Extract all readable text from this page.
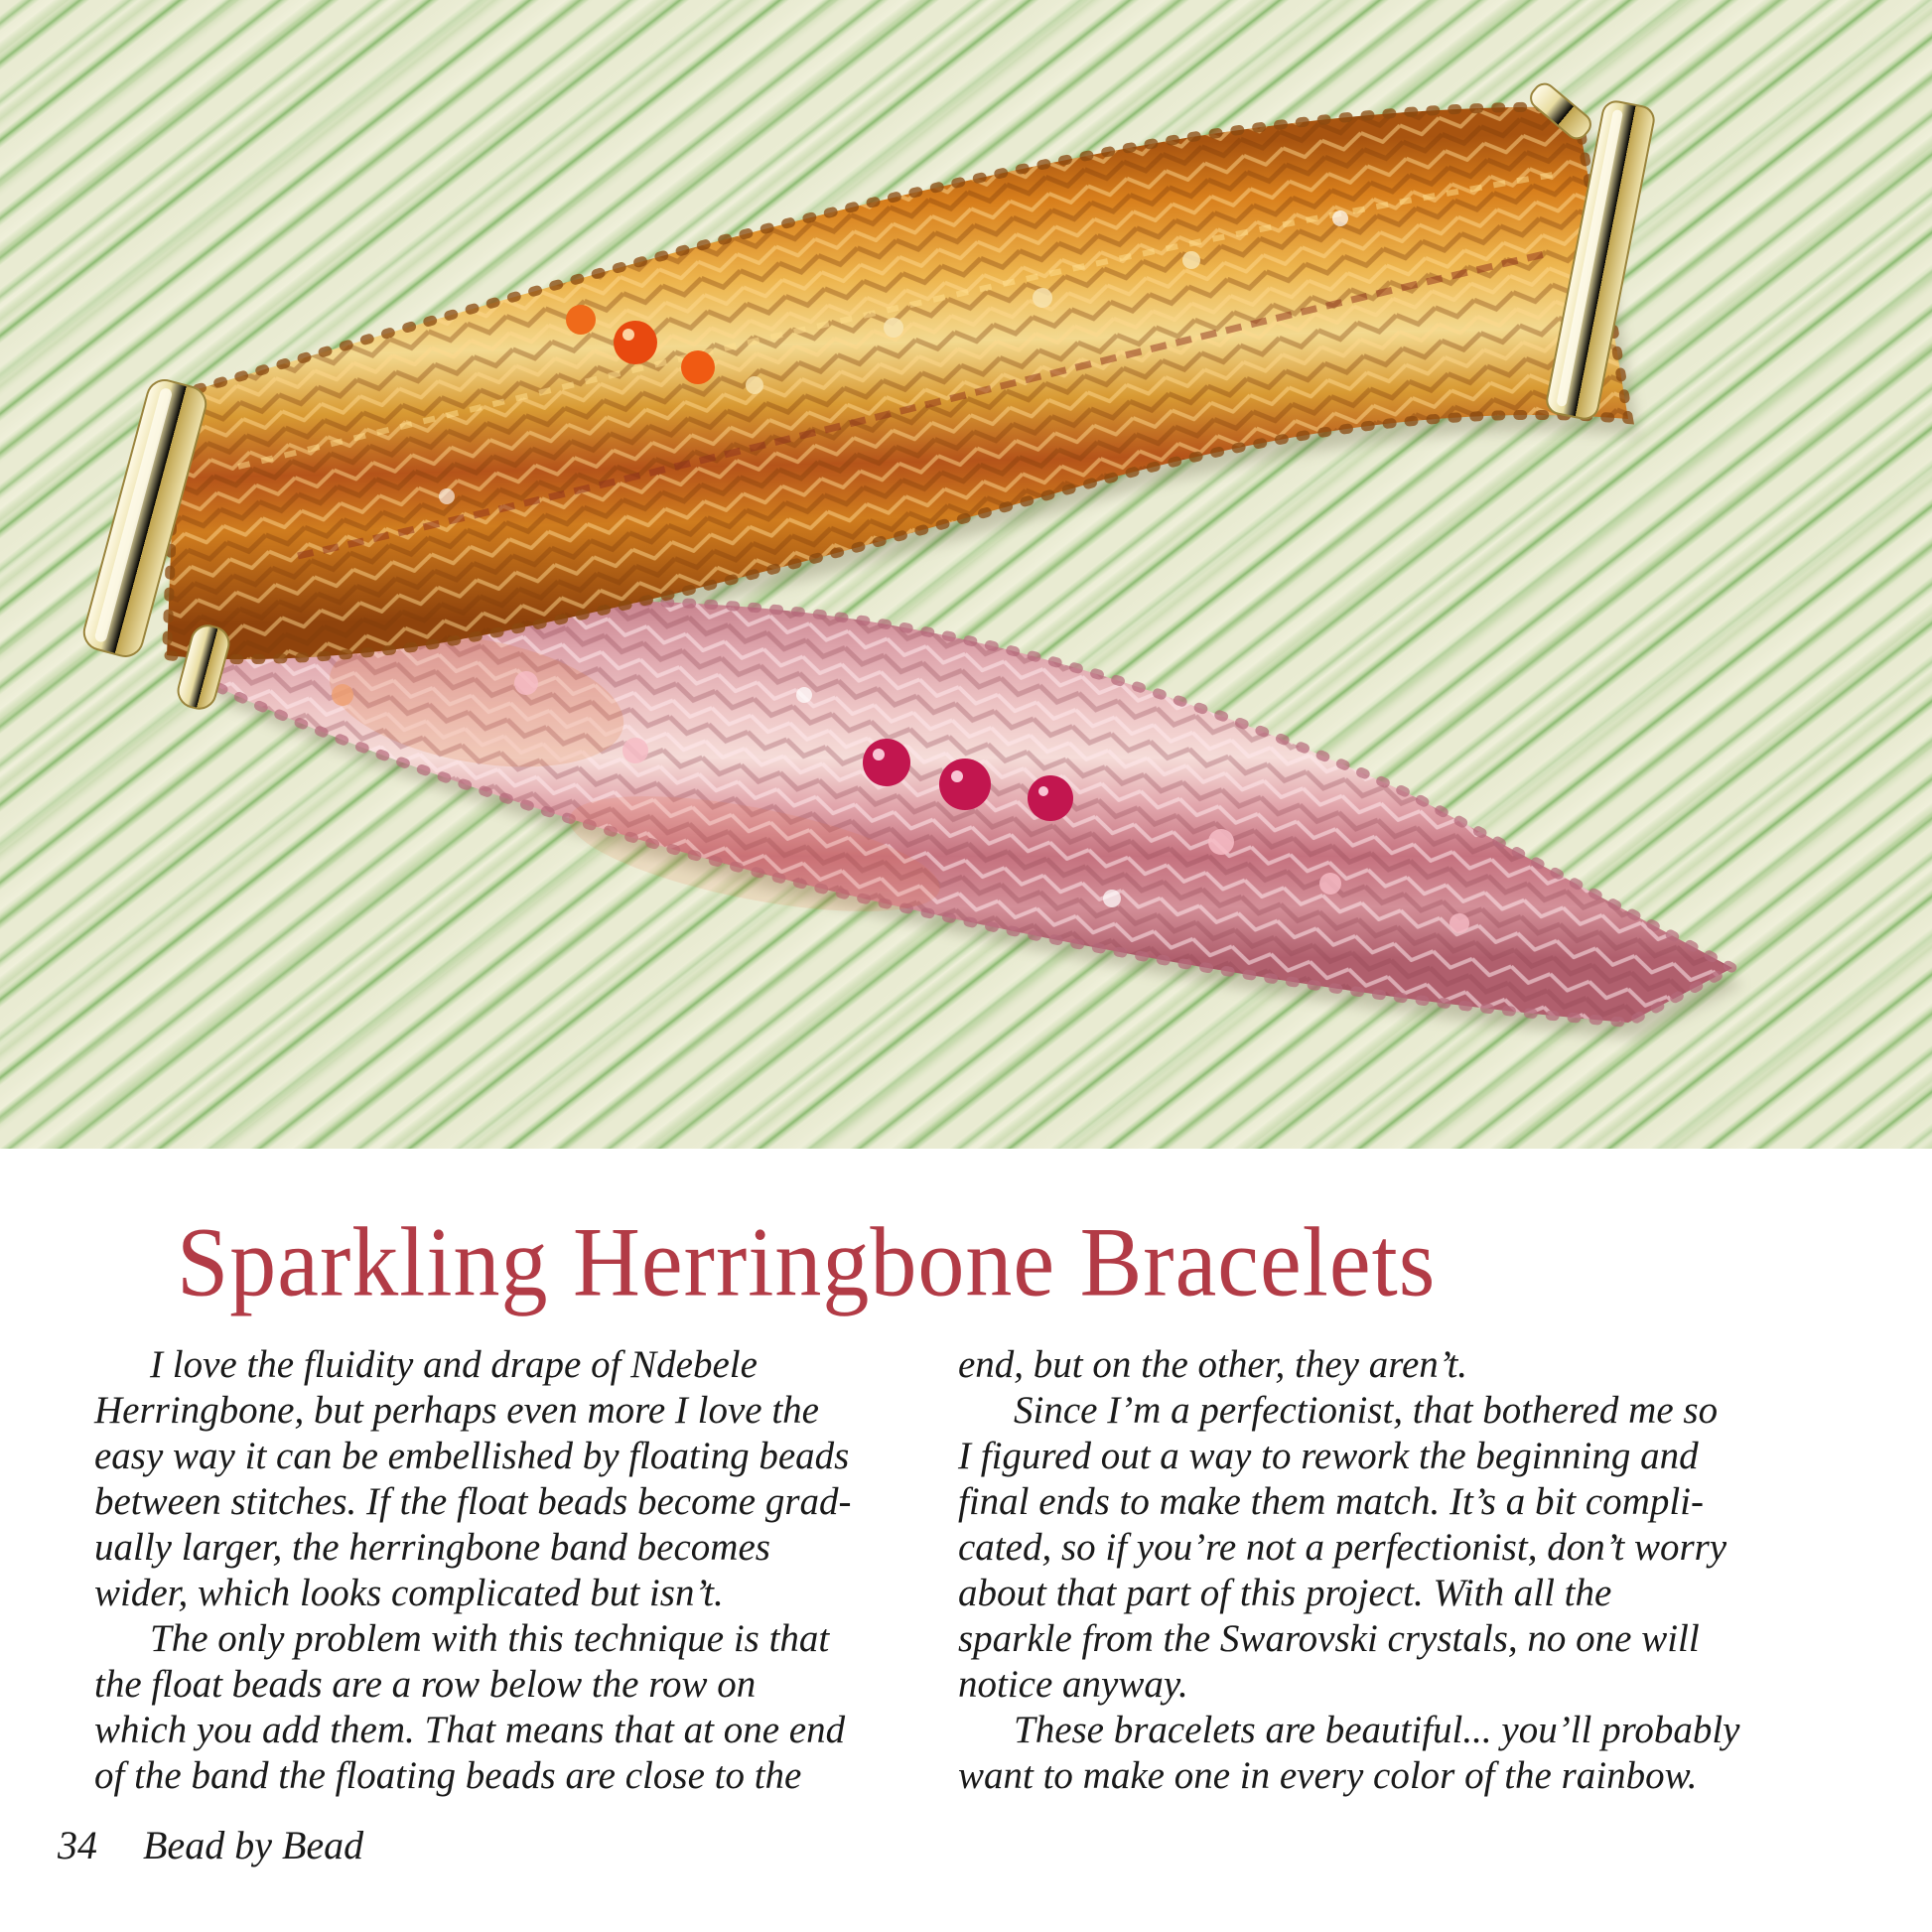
Sparkling Herringbone Bracelets
I love the fluidity and drape of Ndebele
Herringbone, but perhaps even more I love the
easy way it can be embellished by floating beads
between stitches. If the float beads become grad-
ually larger, the herringbone band becomes
wider, which looks complicated but isn’t.
The only problem with this technique is that
the float beads are a row below the row on
which you add them. That means that at one end
of the band the floating beads are close to the
end, but on the other, they aren’t.
Since I’m a perfectionist, that bothered me so
I figured out a way to rework the beginning and
final ends to make them match. It’s a bit compli-
cated, so if you’re not a perfectionist, don’t worry
about that part of this project. With all the
sparkle from the Swarovski crystals, no one will
notice anyway.
These bracelets are beautiful... you’ll probably
want to make one in every color of the rainbow.
34 Bead by Bead
